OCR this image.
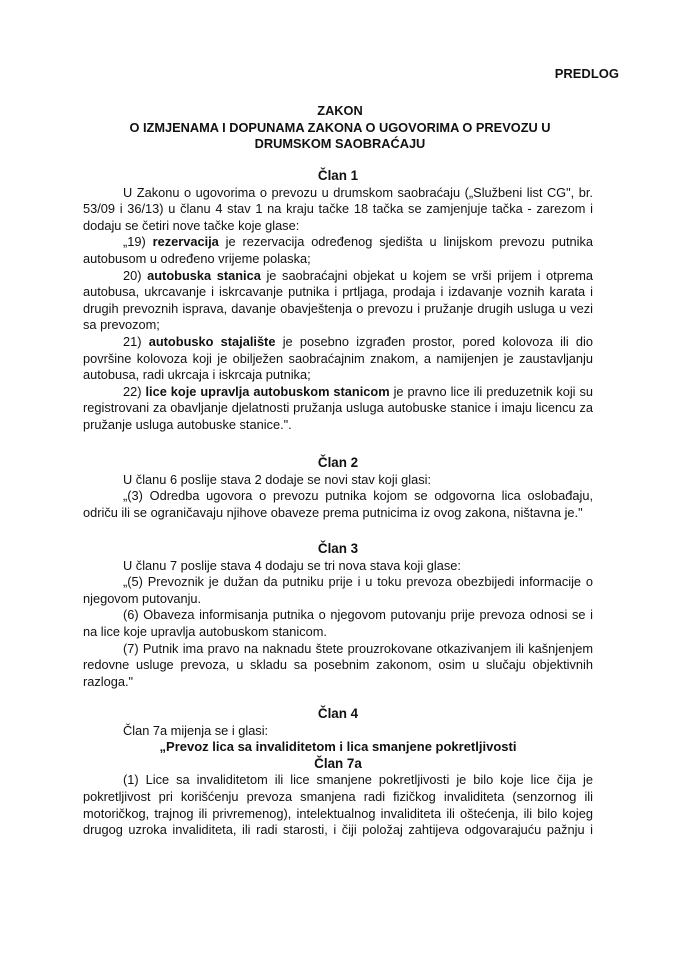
PREDLOG

ZAKON

O IZMJENAMA I DOPUNAMA ZAKONA O UGOVORIMA O PREVOZU U

DRUMSKOM SAOBRAĆAJU

Član 1

U Zakonu o ugovorima o prevozu u drumskom saobraćaju („Službeni list CG", br. 53/09 i 36/13) u članu 4 stav 1 na kraju tačke 18 tačka se zamjenjuje tačka - zarezom i dodaju se četiri nove tačke koje glase:

„19) rezervacija je rezervacija određenog sjedišta u linijskom prevozu putnika autobusom u određeno vrijeme polaska;

20) autobuska stanica je saobraćajni objekat u kojem se vrši prijem i otprema autobusa, ukrcavanje i iskrcavanje putnika i prtljaga, prodaja i izdavanje voznih karata i drugih prevoznih isprava, davanje obavještenja o prevozu i pružanje drugih usluga u vezi sa prevozom;

21) autobusko stajalište je posebno izgrađen prostor, pored kolovoza ili dio površine kolovoza koji je obilježen saobraćajnim znakom, a namijenjen je zaustavljanju autobusa, radi ukrcaja i iskrcaja putnika;

22) lice koje upravlja autobuskom stanicom je pravno lice ili preduzetnik koji su registrovani za obavljanje djelatnosti pružanja usluga autobuske stanice i imaju licencu za pružanje usluga autobuske stanice.".

Član 2

U članu 6 poslije stava 2 dodaje se novi stav koji glasi:

„(3) Odredba ugovora o prevozu putnika kojom se odgovorna lica oslobađaju, odriču ili se ograničavaju njihove obaveze prema putnicima iz ovog zakona, ništavna je."

Član 3

U članu 7 poslije stava 4 dodaju se tri nova stava koji glase:

„(5) Prevoznik je dužan da putniku prije i u toku prevoza obezbijedi informacije o njegovom putovanju.

(6) Obaveza informisanja putnika o njegovom putovanju prije prevoza odnosi se i na lice koje upravlja autobuskom stanicom.

(7) Putnik ima pravo na naknadu štete prouzrokovane otkazivanjem ili kašnjenjem redovne usluge prevoza, u skladu sa posebnim zakonom, osim u slučaju objektivnih razloga."

Član 4

Član 7a mijenja se i glasi:

„Prevoz lica sa invaliditetom i lica smanjene pokretljivosti

Član 7a

(1) Lice sa invaliditetom ili lice smanjene pokretljivosti je bilo koje lice čija je pokretljivost pri korišćenju prevoza smanjena radi fizičkog invaliditeta (senzornog ili motoričkog, trajnog ili privremenog), intelektualnog invaliditeta ili oštećenja, ili bilo kojeg drugog uzroka invaliditeta, ili radi starosti, i čiji položaj zahtijeva odgovarajuću pažnju i
